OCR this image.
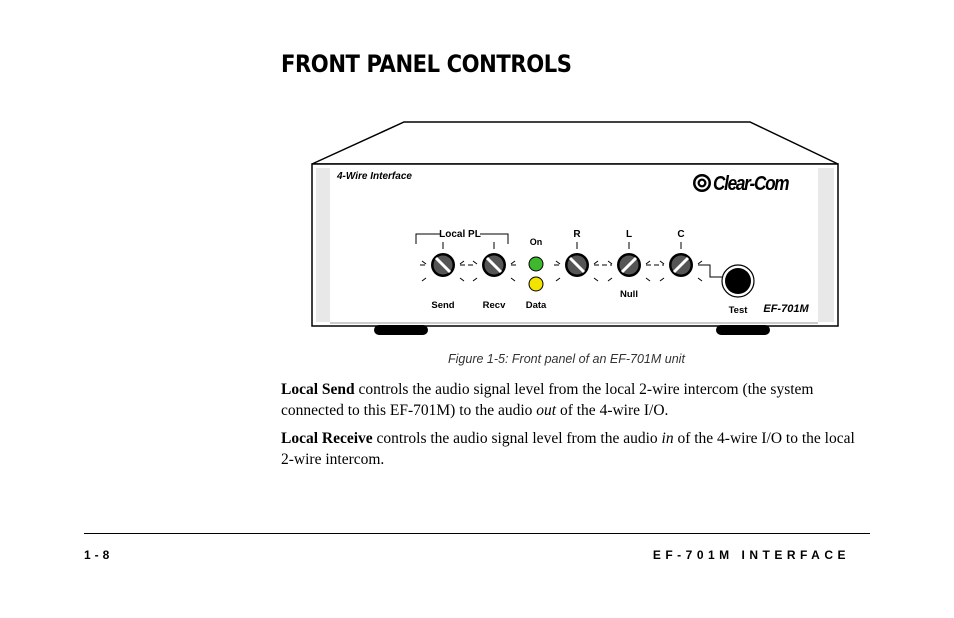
FRONT PANEL CONTROLS
4-Wire Interface	Clear-Com
Local PL
On
R	L	C
Send	Recv Data
Null
Test EF-701M
Figure 1-5: Front panel of an EF-701M unit

Local Send controls the audio signal level from the local 2-wire intercom (the system connected to this EF-701M) to the audio out of the 4-wire I/O.

Local Receive controls the audio signal level from the audio in of the 4-wire I/O to the local 2-wire intercom.

1-8	EF-701M INTERFACE
